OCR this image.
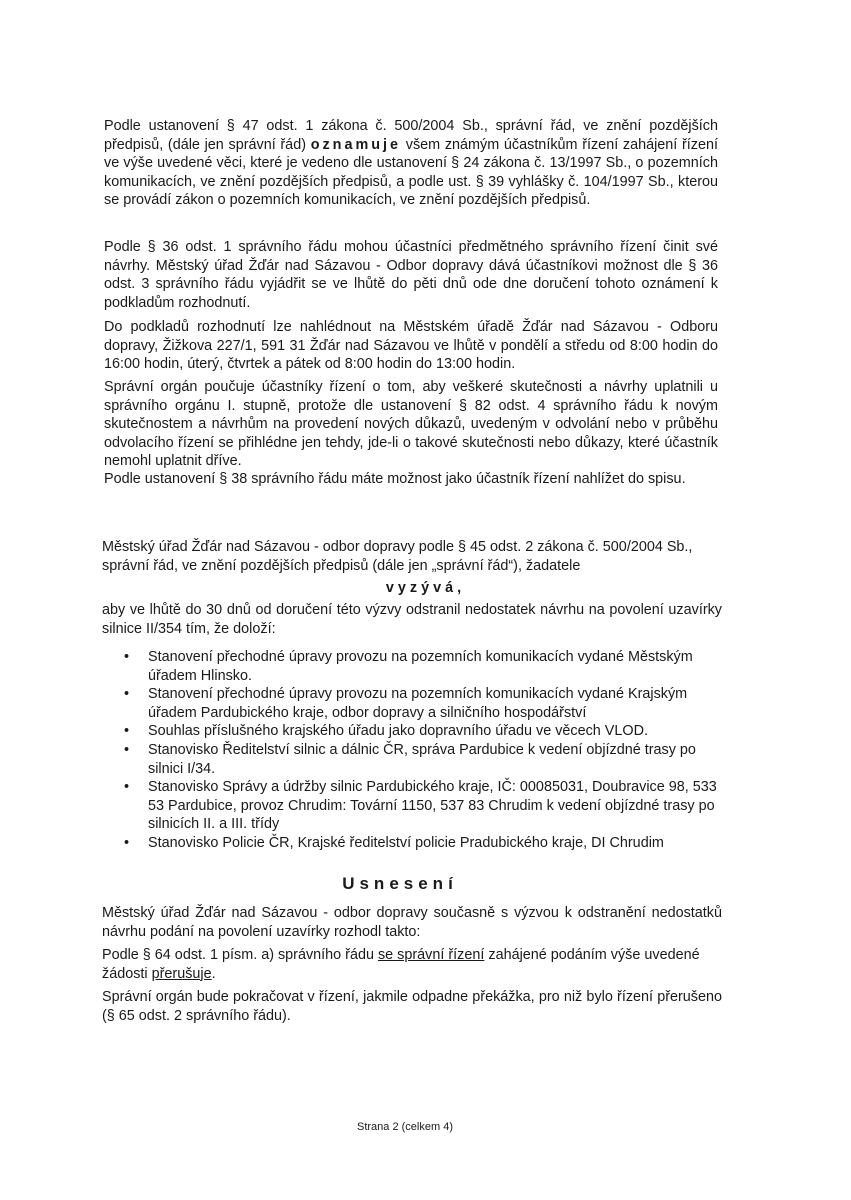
Podle ustanovení § 47 odst. 1 zákona č. 500/2004 Sb., správní řád, ve znění pozdějších předpisů, (dále jen správní řád) oznamuje všem známým účastníkům řízení zahájení řízení ve výše uvedené věci, které je vedeno dle ustanovení § 24 zákona č. 13/1997 Sb., o pozemních komunikacích, ve znění pozdějších předpisů, a podle ust. § 39 vyhlášky č. 104/1997 Sb., kterou se provádí zákon o pozemních komunikacích, ve znění pozdějších předpisů.

Podle § 36 odst. 1 správního řádu mohou účastníci předmětného správního řízení činit své návrhy. Městský úřad Žďár nad Sázavou - Odbor dopravy dává účastníkovi možnost dle § 36 odst. 3 správního řádu vyjádřit se ve lhůtě do pěti dnů ode dne doručení tohoto oznámení k podkladům rozhodnutí.

Do podkladů rozhodnutí lze nahlédnout na Městském úřadě Žďár nad Sázavou - Odboru dopravy, Žižkova 227/1, 591 31 Žďár nad Sázavou ve lhůtě v pondělí a středu od 8:00 hodin do 16:00 hodin, úterý, čtvrtek a pátek od 8:00 hodin do 13:00 hodin.

Správní orgán poučuje účastníky řízení o tom, aby veškeré skutečnosti a návrhy uplatnili u správního orgánu I. stupně, protože dle ustanovení § 82 odst. 4 správního řádu k novým skutečnostem a návrhům na provedení nových důkazů, uvedeným v odvolání nebo v průběhu odvolacího řízení se přihlédne jen tehdy, jde-li o takové skutečnosti nebo důkazy, které účastník nemohl uplatnit dříve.

Podle ustanovení § 38 správního řádu máte možnost jako účastník řízení nahlížet do spisu.

Městský úřad Žďár nad Sázavou - odbor dopravy podle § 45 odst. 2 zákona č. 500/2004 Sb., správní řád, ve znění pozdějších předpisů (dále jen „správní řád“), žadatele

vyzývá,

aby ve lhůtě do 30 dnů od doručení této výzvy odstranil nedostatek návrhu na povolení uzavírky silnice II/354 tím, že doloží:

• Stanovení přechodné úpravy provozu na pozemních komunikacích vydané Městským úřadem Hlinsko.
• Stanovení přechodné úpravy provozu na pozemních komunikacích vydané Krajským úřadem Pardubického kraje, odbor dopravy a silničního hospodářství
• Souhlas příslušného krajského úřadu jako dopravního úřadu ve věcech VLOD.
• Stanovisko Ředitelství silnic a dálnic ČR, správa Pardubice k vedení objízdné trasy po silnici I/34.
• Stanovisko Správy a údržby silnic Pardubického kraje, IČ: 00085031, Doubravice 98, 533 53 Pardubice, provoz Chrudim: Tovární 1150, 537 83 Chrudim k vedení objízdné trasy po silnicích II. a III. třídy
• Stanovisko Policie ČR, Krajské ředitelství policie Pradubického kraje, DI Chrudim
Usnesení

Městský úřad Žďár nad Sázavou - odbor dopravy současně s výzvou k odstranění nedostatků návrhu podání na povolení uzavírky rozhodl takto:

Podle § 64 odst. 1 písm. a) správního řádu se správní řízení zahájené podáním výše uvedené
žádosti přerušuje.

Správní orgán bude pokračovat v řízení, jakmile odpadne překážka, pro niž bylo řízení přerušeno (§ 65 odst. 2 správního řádu).

Strana 2 (celkem 4)
